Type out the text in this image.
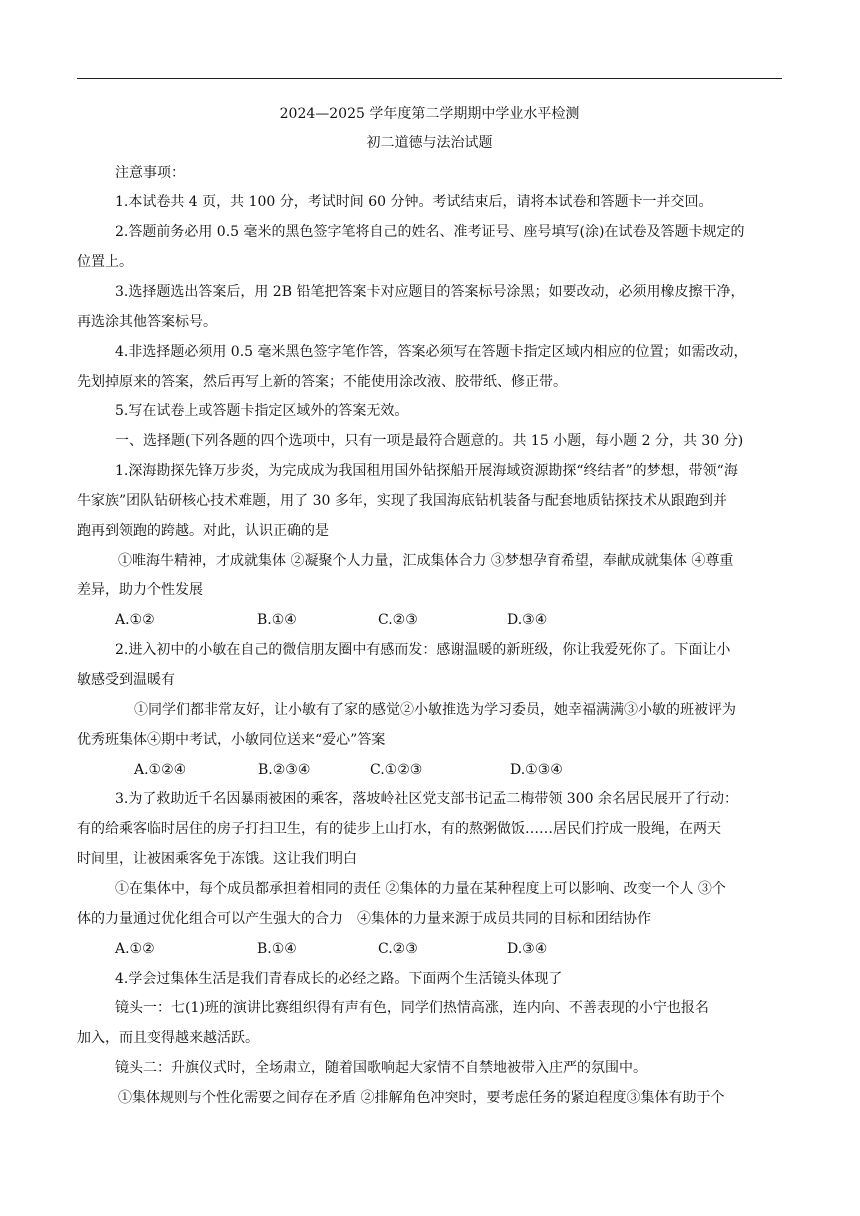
2024—2025 学年度第二学期期中学业水平检测
初二道德与法治试题
注意事项：
1.本试卷共 4 页，共 100 分，考试时间 60 分钟。考试结束后，请将本试卷和答题卡一并交回。
2.答题前务必用 0.5 毫米的黑色签字笔将自己的姓名、准考证号、座号填写(涂)在试卷及答题卡规定的
位置上。
3.选择题选出答案后，用 2B 铅笔把答案卡对应题目的答案标号涂黑；如要改动，必须用橡皮擦干净，
再选涂其他答案标号。
4.非选择题必须用 0.5 毫米黑色签字笔作答，答案必须写在答题卡指定区域内相应的位置；如需改动，
先划掉原来的答案，然后再写上新的答案；不能使用涂改液、胶带纸、修正带。
5.写在试卷上或答题卡指定区域外的答案无效。
一、选择题(下列各题的四个选项中，只有一项是最符合题意的。共 15 小题，每小题 2 分，共 30 分)
1.深海勘探先锋万步炎，为完成成为我国租用国外钻探船开展海域资源勘探“终结者”的梦想，带领“海
牛家族”团队钻研核心技术难题，用了 30 多年，实现了我国海底钻机装备与配套地质钻探技术从跟跑到并
跑再到领跑的跨越。对此，认识正确的是
①唯海牛精神，才成就集体 ②凝聚个人力量，汇成集体合力 ③梦想孕育希望，奉献成就集体 ④尊重
差异，助力个性发展
A.①②	B.①④	C.②③	D.③④
2.进入初中的小敏在自己的微信朋友圈中有感而发：感谢温暖的新班级，你让我爱死你了。下面让小
敏感受到温暖有
①同学们都非常友好，让小敏有了家的感觉②小敏推选为学习委员，她幸福满满③小敏的班被评为
优秀班集体④期中考试，小敏同位送来“爱心”答案
A.①②④	B.②③④	C.①②③	D.①③④
3.为了救助近千名因暴雨被困的乘客，落坡岭社区党支部书记孟二梅带领 300 余名居民展开了行动：
有的给乘客临时居住的房子打扫卫生，有的徒步上山打水，有的熬粥做饭……居民们拧成一股绳，在两天
时间里，让被困乘客免于冻饿。这让我们明白
①在集体中，每个成员都承担着相同的责任 ②集体的力量在某种程度上可以影响、改变一个人 ③个
体的力量通过优化组合可以产生强大的合力　④集体的力量来源于成员共同的目标和团结协作
A.①②	B.①④	C.②③	D.③④
4.学会过集体生活是我们青春成长的必经之路。下面两个生活镜头体现了
镜头一：七(1)班的演讲比赛组织得有声有色，同学们热情高涨，连内向、不善表现的小宁也报名
加入，而且变得越来越活跃。
镜头二：升旗仪式时，全场肃立，随着国歌响起大家情不自禁地被带入庄严的氛围中。
①集体规则与个性化需要之间存在矛盾 ②排解角色冲突时，要考虑任务的紧迫程度③集体有助于个
